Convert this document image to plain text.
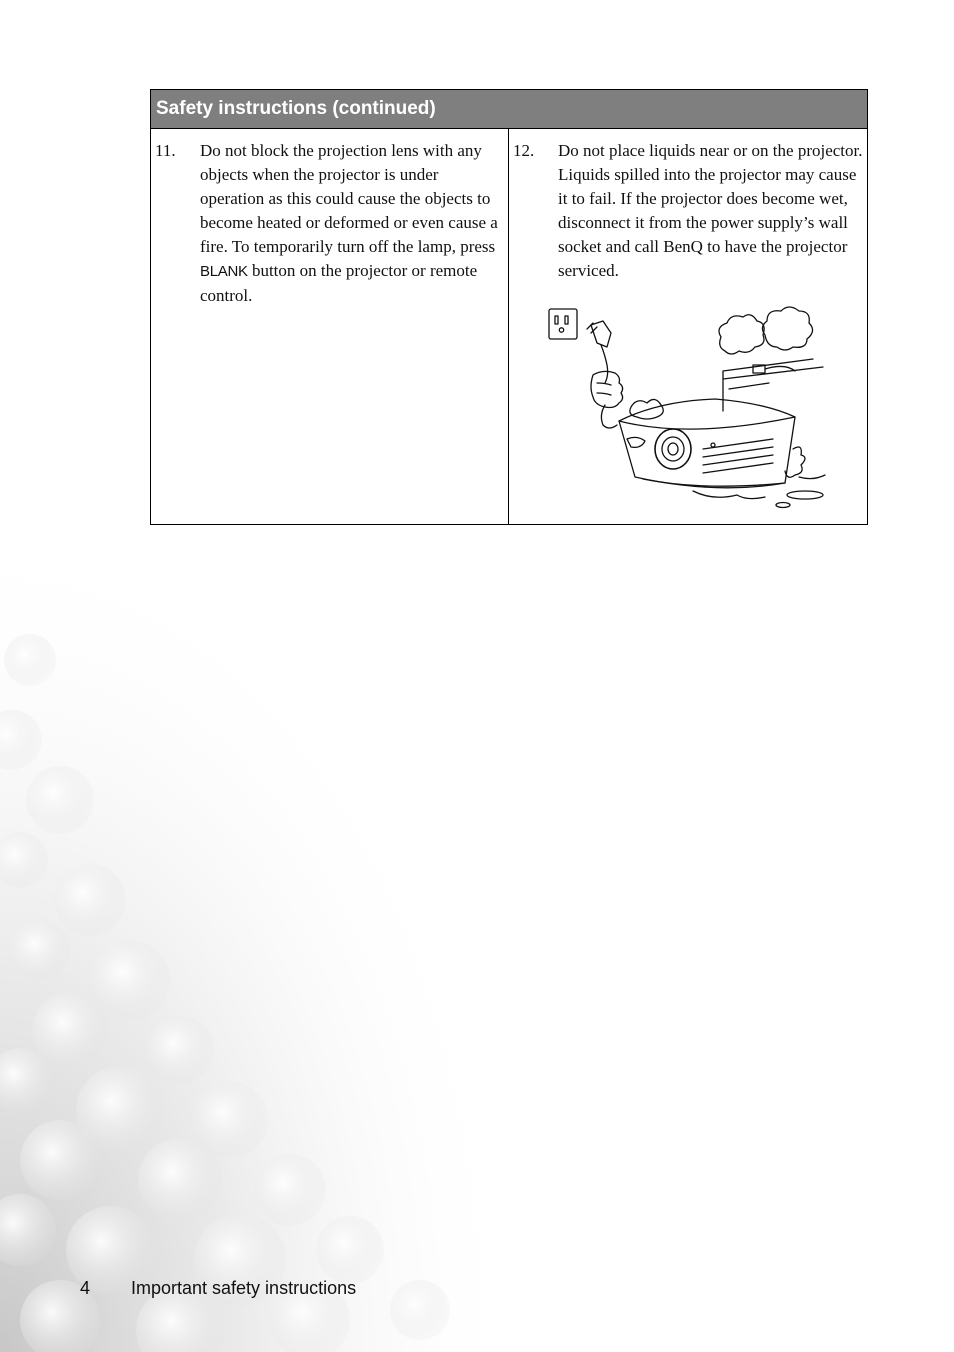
Safety instructions (continued)
11. Do not block the projection lens with any objects when the projector is under operation as this could cause the objects to become heated or deformed or even cause a fire. To temporarily turn off the lamp, press BLANK button on the projector or remote control.
12. Do not place liquids near or on the projector. Liquids spilled into the projector may cause it to fail. If the projector does become wet, disconnect it from the power supply’s wall socket and call BenQ to have the projector serviced.
4 Important safety instructions
